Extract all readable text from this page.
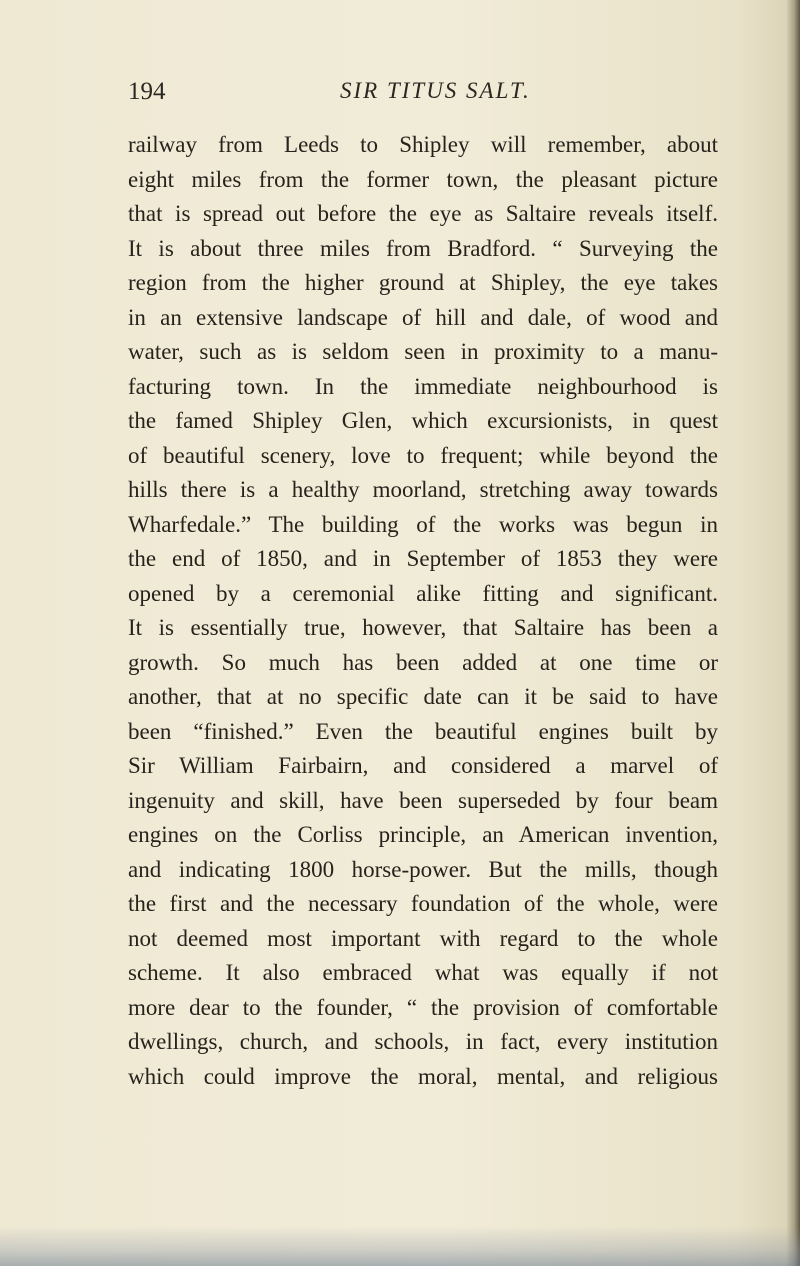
194	SIR TITUS SALT.
railway from Leeds to Shipley will remember, about
eight miles from the former town, the pleasant picture
that is spread out before the eye as Saltaire reveals itself.
It is about three miles from Bradford. “ Surveying the
region from the higher ground at Shipley, the eye takes
in an extensive landscape of hill and dale, of wood and
water, such as is seldom seen in proximity to a manu-
facturing town. In the immediate neighbourhood is
the famed Shipley Glen, which excursionists, in quest
of beautiful scenery, love to frequent; while beyond the
hills there is a healthy moorland, stretching away towards
Wharfedale.” The building of the works was begun in
the end of 1850, and in September of 1853 they were
opened by a ceremonial alike fitting and significant.
It is essentially true, however, that Saltaire has been a
growth. So much has been added at one time or
another, that at no specific date can it be said to have
been “finished.” Even the beautiful engines built by
Sir William Fairbairn, and considered a marvel of
ingenuity and skill, have been superseded by four beam
engines on the Corliss principle, an American invention,
and indicating 1800 horse-power. But the mills, though
the first and the necessary foundation of the whole, were
not deemed most important with regard to the whole
scheme. It also embraced what was equally if not
more dear to the founder, “ the provision of comfortable
dwellings, church, and schools, in fact, every institution
which could improve the moral, mental, and religious
